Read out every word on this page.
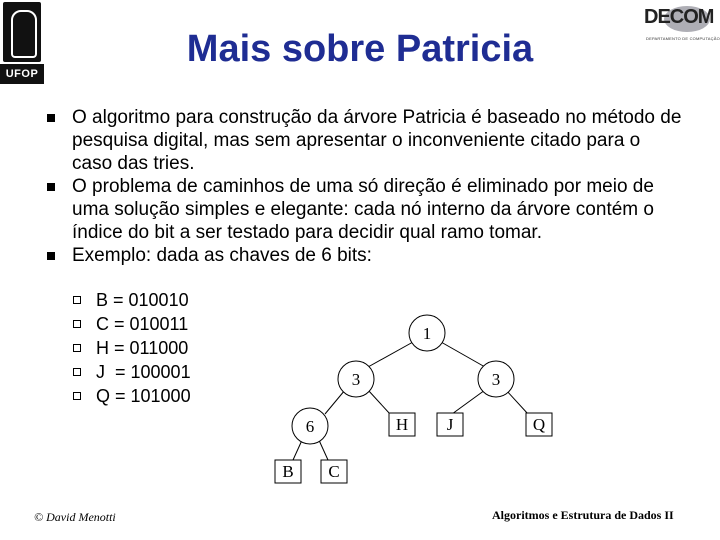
UFOP
DECOM
DEPARTAMENTO DE COMPUTAÇÃO
Mais sobre Patricia
O algoritmo para construção da árvore Patricia é baseado no método de pesquisa digital, mas sem apresentar o inconveniente citado para o caso das tries.
O problema de caminhos de uma só direção é eliminado por meio de uma solução simples e elegante: cada nó interno da árvore contém o índice do bit a ser testado para decidir qual ramo tomar.
Exemplo: dada as chaves de 6 bits:
B = 010010
C = 010011
H = 011000
J  = 100001
Q = 101000
1
3	3
6	H J	Q
B C
© David Menotti	Algoritmos e Estrutura de Dados II
